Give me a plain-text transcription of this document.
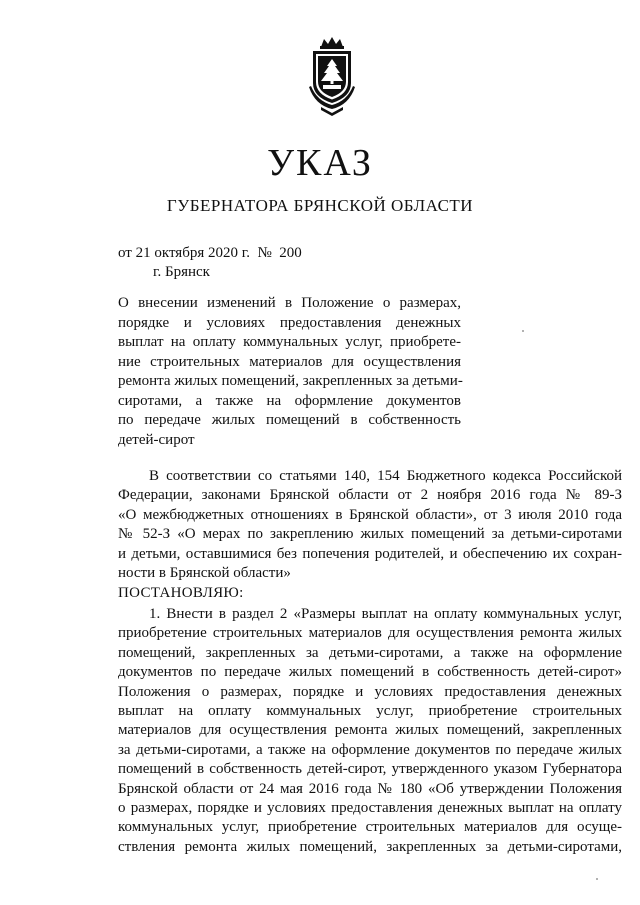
УКАЗ
ГУБЕРНАТОРА БРЯНСКОЙ ОБЛАСТИ
от 21 октября 2020 г.  №  200
г. Брянск
О внесении изменений в Положение о размерах,
порядке и условиях предоставления денежных
выплат на оплату коммунальных услуг, приобрете-
ние строительных материалов для осуществления
ремонта жилых помещений, закрепленных за детьми-
сиротами, а также на оформление документов
по передаче жилых помещений в собственность
детей-сирот
В соответствии со статьями 140, 154 Бюджетного кодекса Российской
Федерации, законами Брянской области от 2 ноября 2016 года № 89-З
«О межбюджетных отношениях в Брянской области», от 3 июля 2010 года
№ 52-З «О мерах по закреплению жилых помещений за детьми-сиротами
и детьми, оставшимися без попечения родителей, и обеспечению их сохран-
ности в Брянской области»
ПОСТАНОВЛЯЮ:
1. Внести в раздел 2 «Размеры выплат на оплату коммунальных услуг,
приобретение строительных материалов для осуществления ремонта жилых
помещений, закрепленных за детьми-сиротами, а также на оформление
документов по передаче жилых помещений в собственность детей-сирот»
Положения о размерах, порядке и условиях предоставления денежных
выплат на оплату коммунальных услуг, приобретение строительных
материалов для осуществления ремонта жилых помещений, закрепленных
за детьми-сиротами, а также на оформление документов по передаче жилых
помещений в собственность детей-сирот, утвержденного указом Губернатора
Брянской области от 24 мая 2016 года № 180 «Об утверждении Положения
о размерах, порядке и условиях предоставления денежных выплат на оплату
коммунальных услуг, приобретение строительных материалов для осуще-
ствления ремонта жилых помещений, закрепленных за детьми-сиротами,
